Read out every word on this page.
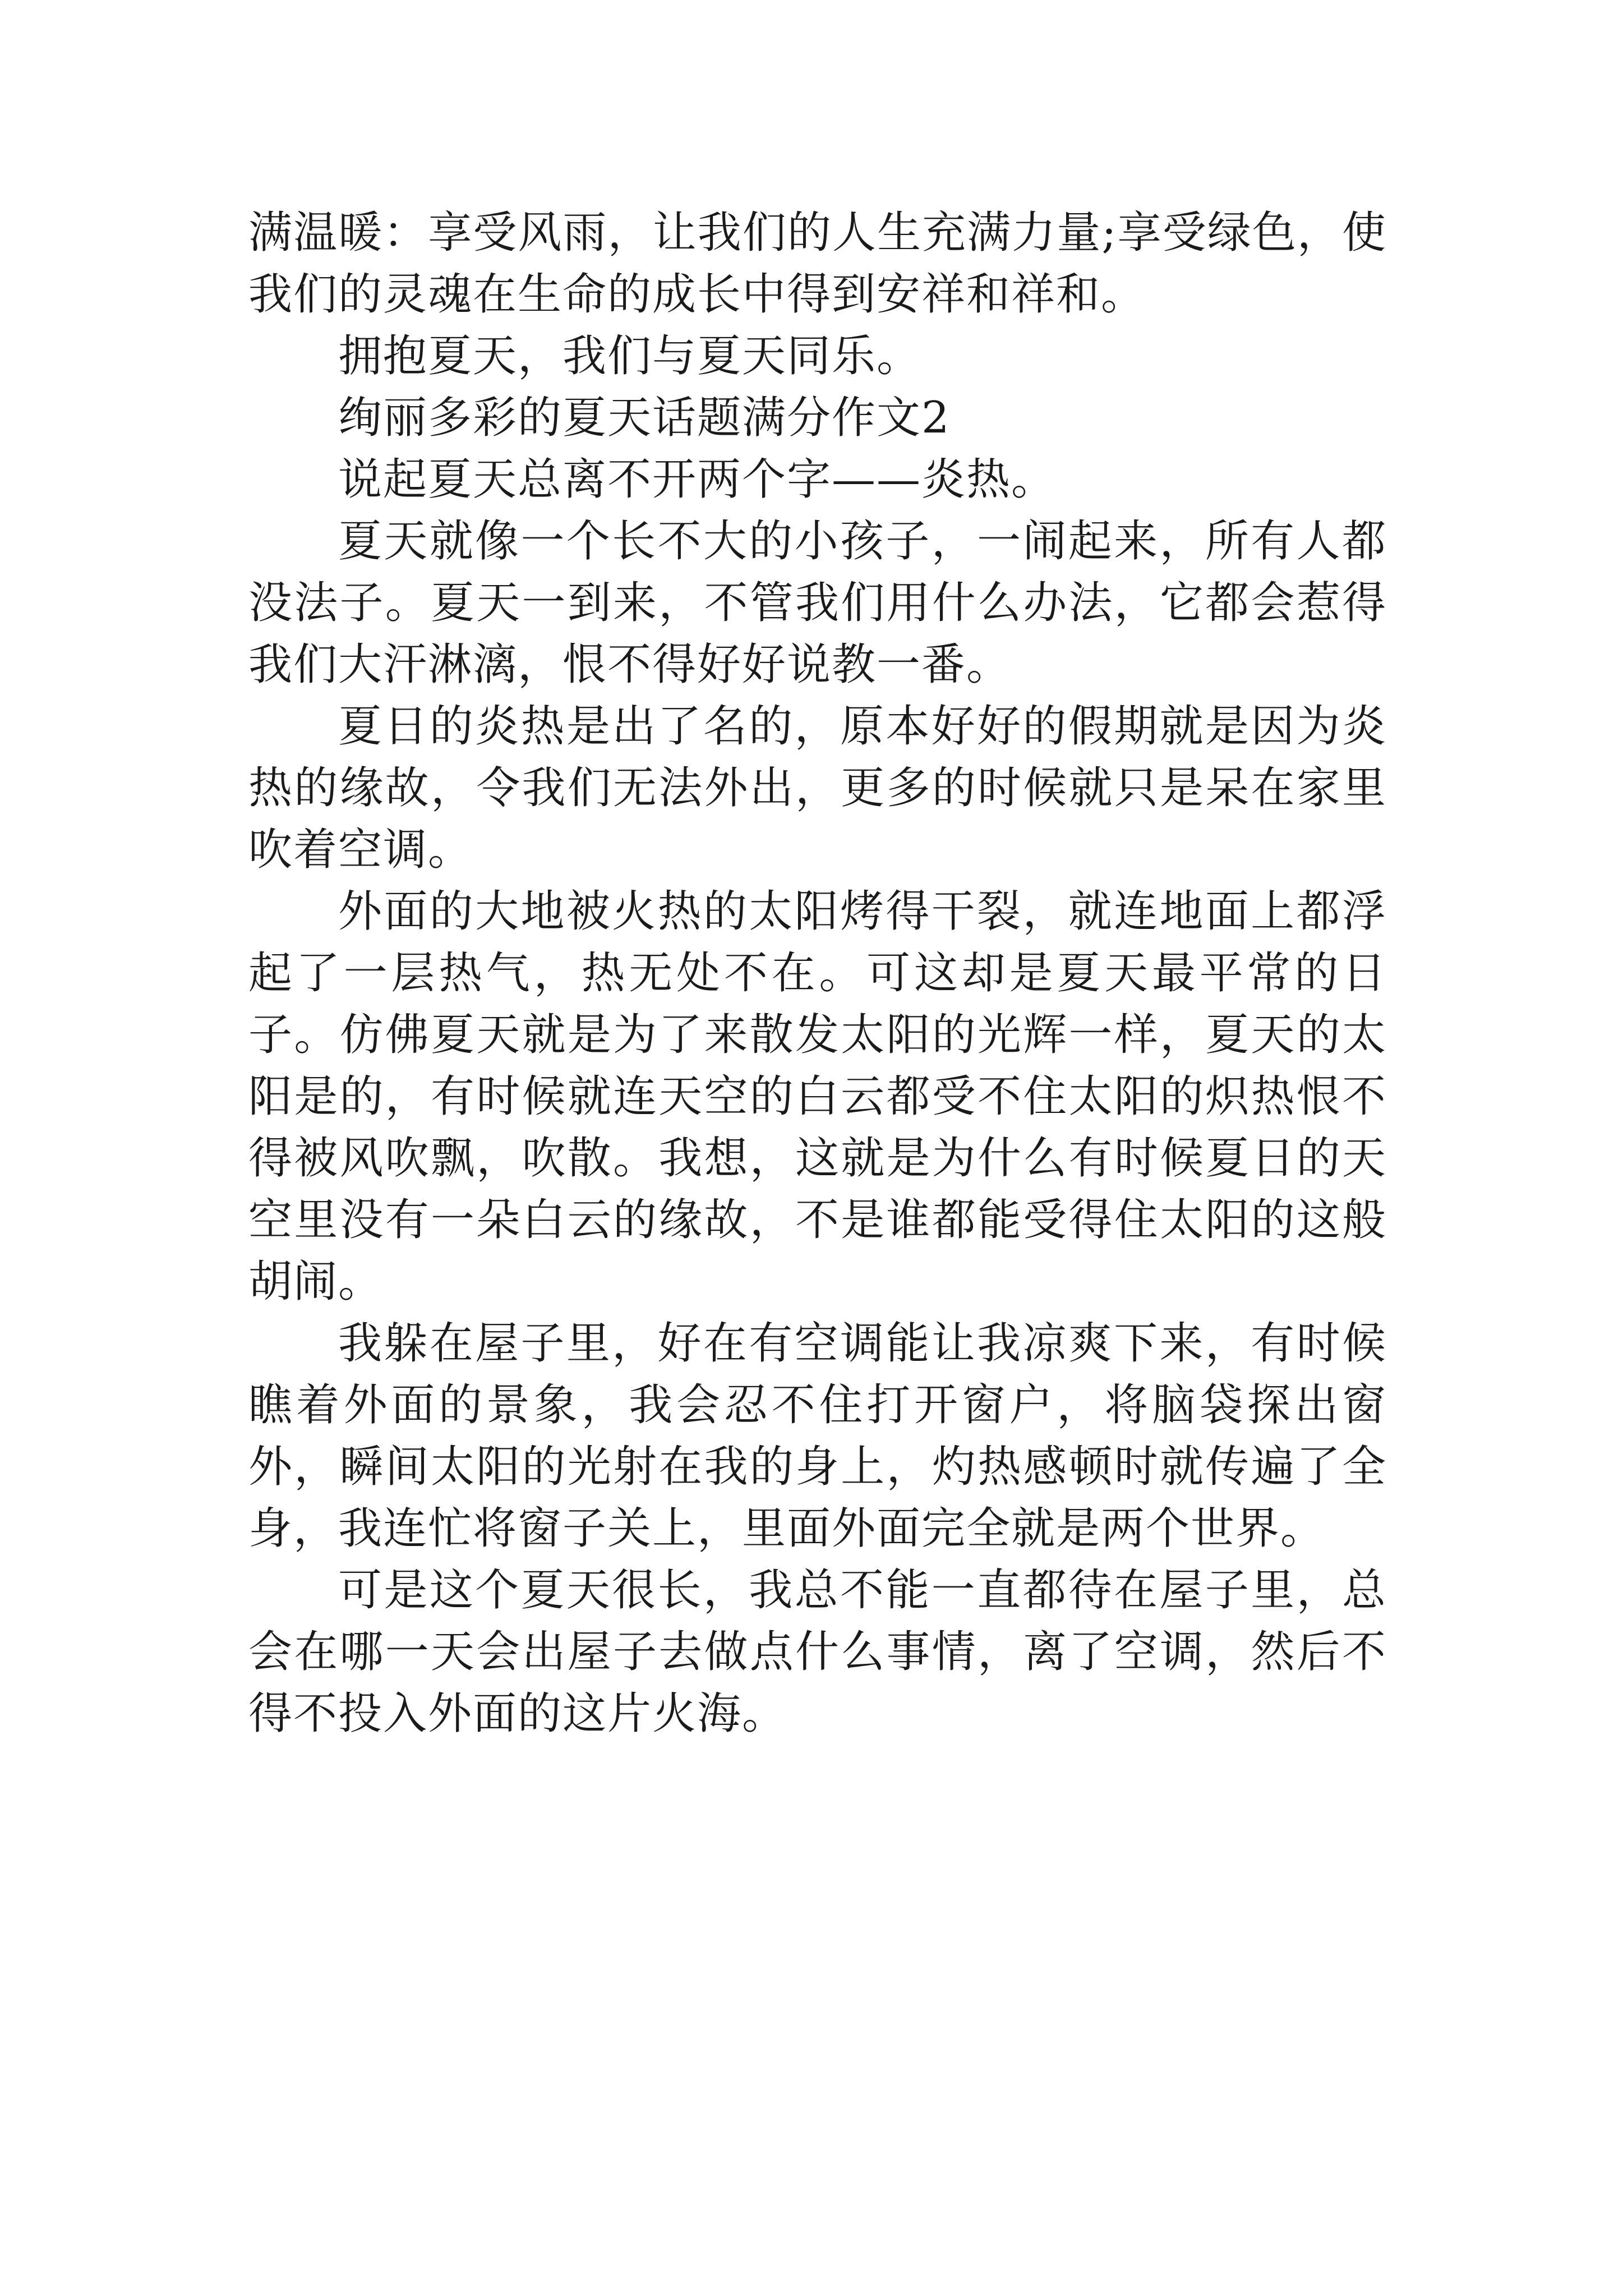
满温暖：享受风雨，让我们的人生充满力量;享受绿色，使我们的灵魂在生命的成长中得到安祥和祥和。

拥抱夏天，我们与夏天同乐。

绚丽多彩的夏天话题满分作文2

说起夏天总离不开两个字——炎热。

夏天就像一个长不大的小孩子，一闹起来，所有人都没法子。夏天一到来，不管我们用什么办法，它都会惹得我们大汗淋漓，恨不得好好说教一番。

夏日的炎热是出了名的，原本好好的假期就是因为炎热的缘故，令我们无法外出，更多的时候就只是呆在家里吹着空调。

外面的大地被火热的太阳烤得干裂，就连地面上都浮起了一层热气，热无处不在。可这却是夏天最平常的日子。仿佛夏天就是为了来散发太阳的光辉一样，夏天的太阳是的，有时候就连天空的白云都受不住太阳的炽热恨不得被风吹飘，吹散。我想，这就是为什么有时候夏日的天空里没有一朵白云的缘故，不是谁都能受得住太阳的这般胡闹。

我躲在屋子里，好在有空调能让我凉爽下来，有时候瞧着外面的景象，我会忍不住打开窗户，将脑袋探出窗外，瞬间太阳的光射在我的身上，灼热感顿时就传遍了全身，我连忙将窗子关上，里面外面完全就是两个世界。

可是这个夏天很长，我总不能一直都待在屋子里，总会在哪一天会出屋子去做点什么事情，离了空调，然后不得不投入外面的这片火海。
